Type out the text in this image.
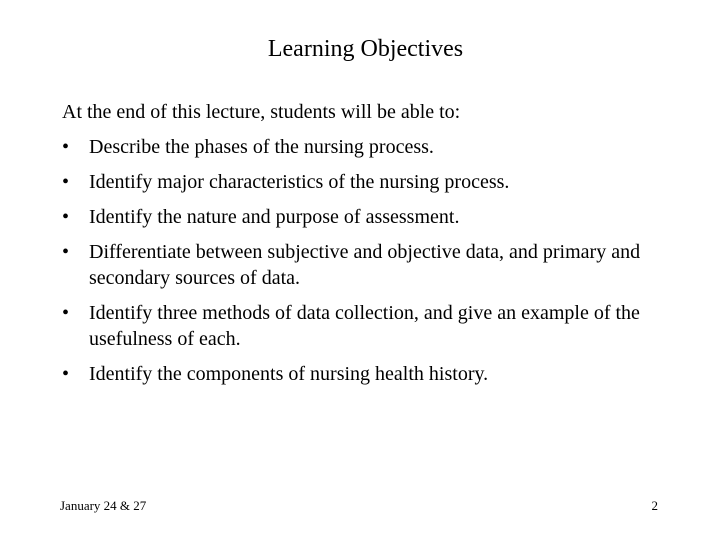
Learning Objectives

At the end of this lecture, students will be able to:

• Describe the phases of the nursing process.
• Identify major characteristics of the nursing process.
• Identify the nature and purpose of assessment.
• Differentiate between subjective and objective data, and primary and secondary sources of data.
• Identify three methods of data collection, and give an example of the usefulness of each.
• Identify the components of nursing health history.
January 24 & 27	2
